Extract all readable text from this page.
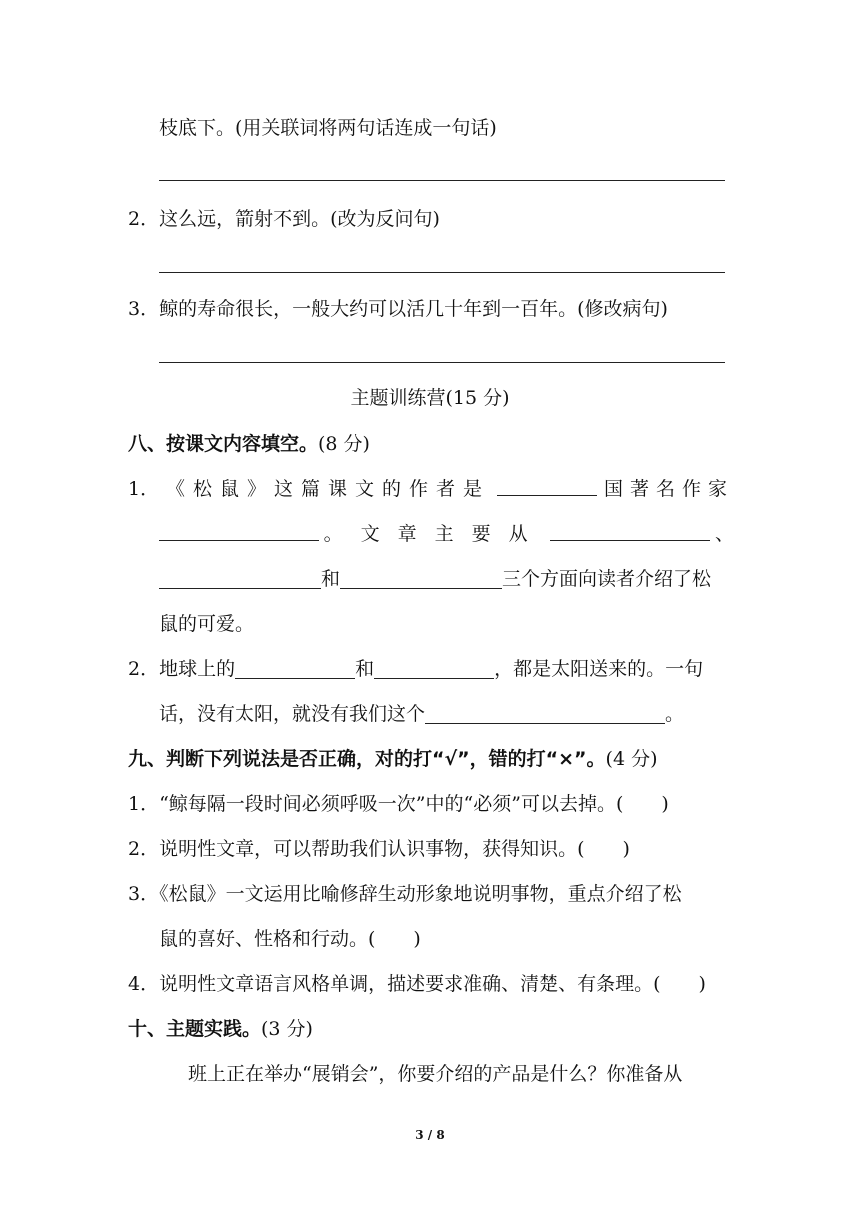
枝底下。(用关联词将两句话连成一句话)
2．这么远，箭射不到。(改为反问句)
3．鲸的寿命很长，一般大约可以活几十年到一百年。(修改病句)
主题训练营(15 分)
八、按课文内容填空。(8 分)
1． 《松鼠》这篇课文的作者是	国著名作家
。文章主要从	、
和	三个方面向读者介绍了松
鼠的可爱。
2．地球上的	和	，都是太阳送来的。一句
话，没有太阳，就没有我们这个	。
九、判断下列说法是否正确，对的打“√”，错的打“×”。(4 分)
1．“鲸每隔一段时间必须呼吸一次”中的“必须”可以去掉。(　　)
2．说明性文章，可以帮助我们认识事物，获得知识。(　　)
3．《松鼠》一文运用比喻修辞生动形象地说明事物，重点介绍了松
鼠的喜好、性格和行动。(　　)
4．说明性文章语言风格单调，描述要求准确、清楚、有条理。(　　)
十、主题实践。(3 分)
班上正在举办“展销会”，你要介绍的产品是什么？你准备从
3 / 8
